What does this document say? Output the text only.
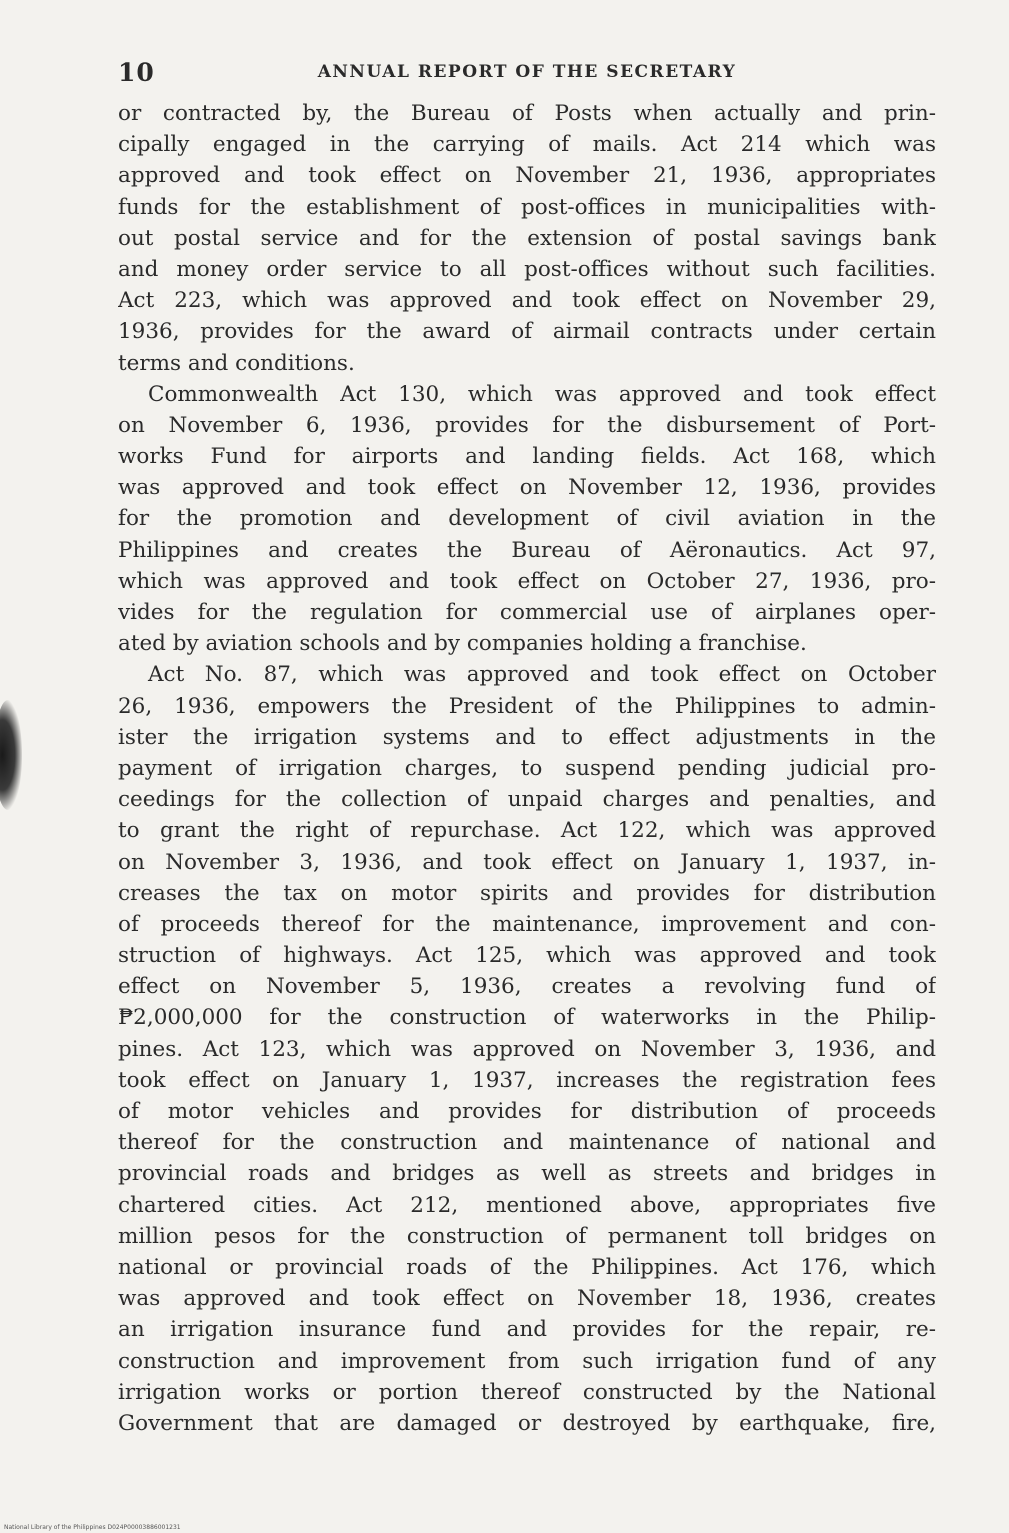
10	ANNUAL REPORT OF THE SECRETARY
or contracted by, the Bureau of Posts when actually and prin-
cipally engaged in the carrying of mails. Act 214 which was
approved and took effect on November 21, 1936, appropriates
funds for the establishment of post-offices in municipalities with-
out postal service and for the extension of postal savings bank
and money order service to all post-offices without such facilities.
Act 223, which was approved and took effect on November 29,
1936, provides for the award of airmail contracts under certain
terms and conditions.
Commonwealth Act 130, which was approved and took effect
on November 6, 1936, provides for the disbursement of Port-
works Fund for airports and landing fields. Act 168, which
was approved and took effect on November 12, 1936, provides
for the promotion and development of civil aviation in the
Philippines and creates the Bureau of Aëronautics. Act 97,
which was approved and took effect on October 27, 1936, pro-
vides for the regulation for commercial use of airplanes oper-
ated by aviation schools and by companies holding a franchise.
Act No. 87, which was approved and took effect on October
26, 1936, empowers the President of the Philippines to admin-
ister the irrigation systems and to effect adjustments in the
payment of irrigation charges, to suspend pending judicial pro-
ceedings for the collection of unpaid charges and penalties, and
to grant the right of repurchase. Act 122, which was approved
on November 3, 1936, and took effect on January 1, 1937, in-
creases the tax on motor spirits and provides for distribution
of proceeds thereof for the maintenance, improvement and con-
struction of highways. Act 125, which was approved and took
effect on November 5, 1936, creates a revolving fund of
₱2,000,000 for the construction of waterworks in the Philip-
pines. Act 123, which was approved on November 3, 1936, and
took effect on January 1, 1937, increases the registration fees
of motor vehicles and provides for distribution of proceeds
thereof for the construction and maintenance of national and
provincial roads and bridges as well as streets and bridges in
chartered cities. Act 212, mentioned above, appropriates five
million pesos for the construction of permanent toll bridges on
national or provincial roads of the Philippines. Act 176, which
was approved and took effect on November 18, 1936, creates
an irrigation insurance fund and provides for the repair, re-
construction and improvement from such irrigation fund of any
irrigation works or portion thereof constructed by the National
Government that are damaged or destroyed by earthquake, fire,
National Library of the Philippines D024P00003886001231
